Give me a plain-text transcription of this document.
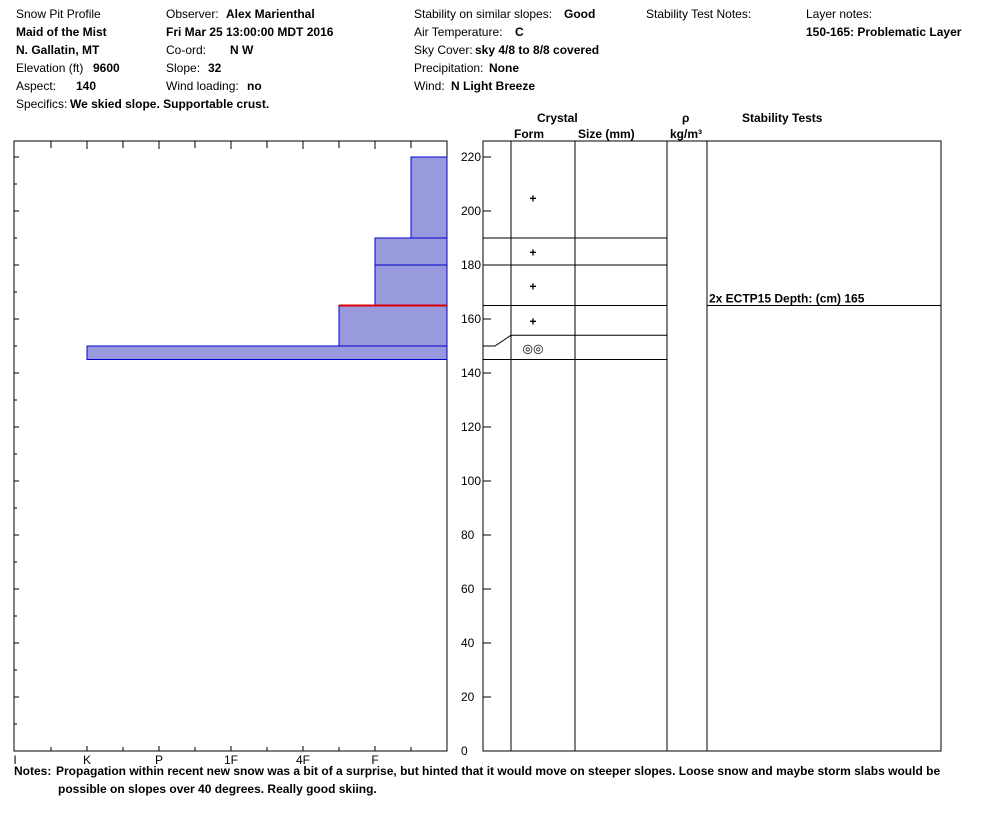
Snow Pit Profile
Maid of the Mist
N. Gallatin, MT
Elevation (ft) 9600
Aspect: 140
Specifics: We skied slope. Supportable crust.
Observer: Alex Marienthal
Fri Mar 25 13:00:00 MDT 2016
Co-ord: N W
Slope: 32
Wind loading: no
Stability on similar slopes: Good
Air Temperature: C
Sky Cover: sky 4/8 to 8/8 covered
Precipitation: None
Wind: N Light Breeze
Stability Test Notes:	Layer notes:
150-165: Problematic Layer
Crystal
Form	Size (mm)
ρ
kg/m³
Stability Tests
I	K	P	1F	4F	F
+
+
+
+
◎◎
2x ECTP15 Depth: (cm) 165
0
20
40
60
80
100
120
140
160
180
200
220
Notes: Propagation within recent new snow was a bit of a surprise, but hinted that it would move on steeper slopes. Loose snow and maybe storm slabs would be
possible on slopes over 40 degrees. Really good skiing.
